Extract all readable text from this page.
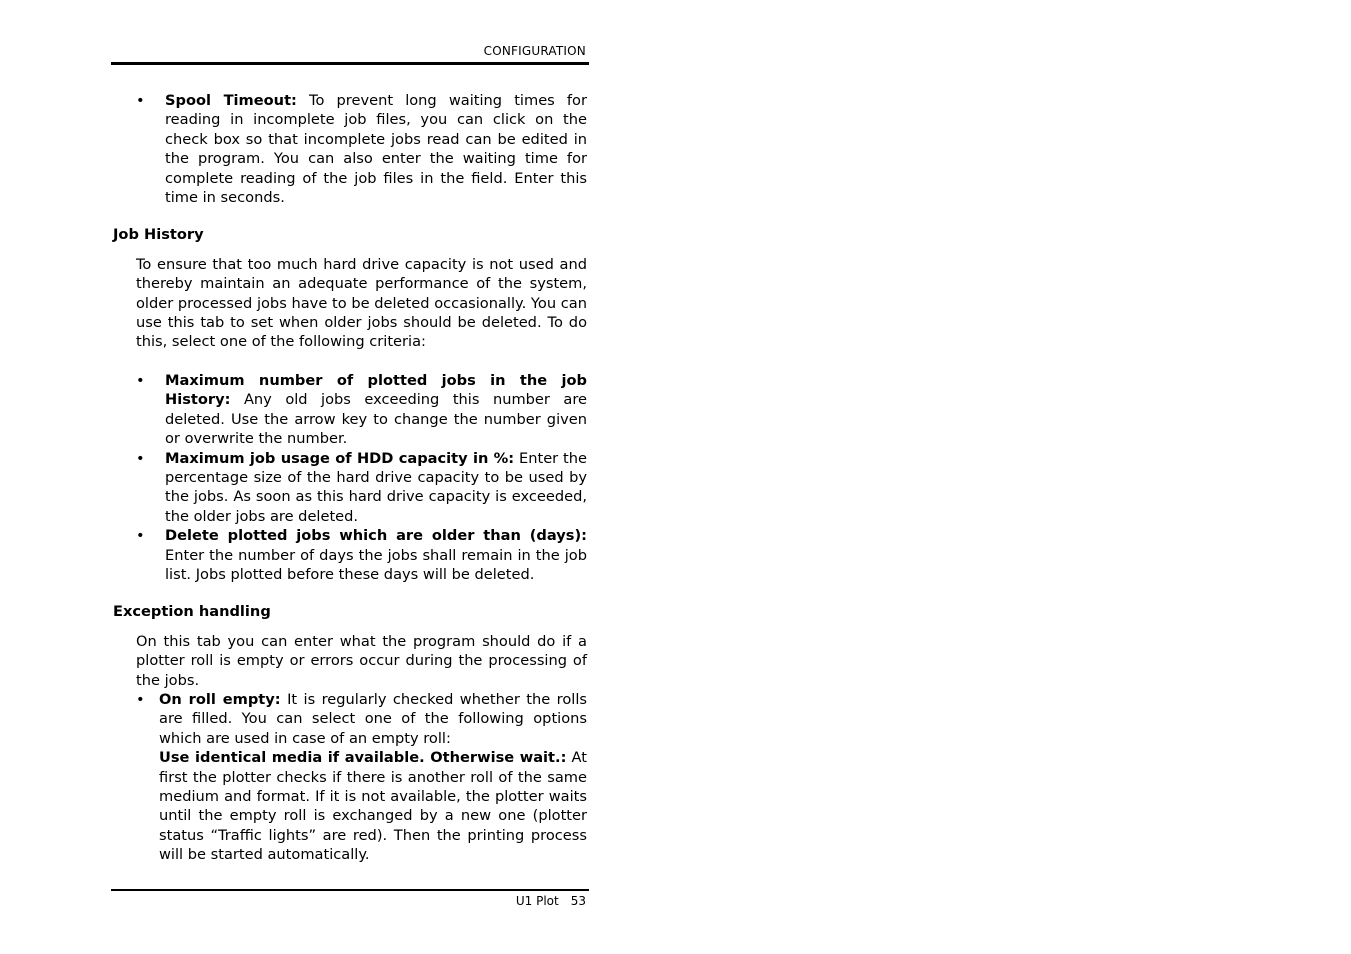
CONFIGURATION
• Spool Timeout: To prevent long waiting times for reading in incomplete job files, you can click on the check box so that incomplete jobs read can be edited in the program. You can also enter the waiting time for complete reading of the job files in the field. Enter this time in seconds.

Job History

To ensure that too much hard drive capacity is not used and thereby maintain an adequate performance of the system, older processed jobs have to be deleted occasionally. You can use this tab to set when older jobs should be deleted. To do this, select one of the following criteria:

• Maximum number of plotted jobs in the job History: Any old jobs exceeding this number are deleted. Use the arrow key to change the number given or overwrite the number.
• Maximum job usage of HDD capacity in %: Enter the percentage size of the hard drive capacity to be used by the jobs. As soon as this hard drive capacity is exceeded, the older jobs are deleted.
• Delete plotted jobs which are older than (days): Enter the number of days the jobs shall remain in the job list. Jobs plotted before these days will be deleted.

Exception handling

On this tab you can enter what the program should do if a plotter roll is empty or errors occur during the processing of the jobs.

• On roll empty: It is regularly checked whether the rolls are filled. You can select one of the following options which are used in case of an empty roll:

Use identical media if available. Otherwise wait.: At first the plotter checks if there is another roll of the same medium and format. If it is not available, the plotter waits until the empty roll is exchanged by a new one (plotter status “Traffic lights” are red). Then the printing process will be started automatically.

U1 Plot 53
